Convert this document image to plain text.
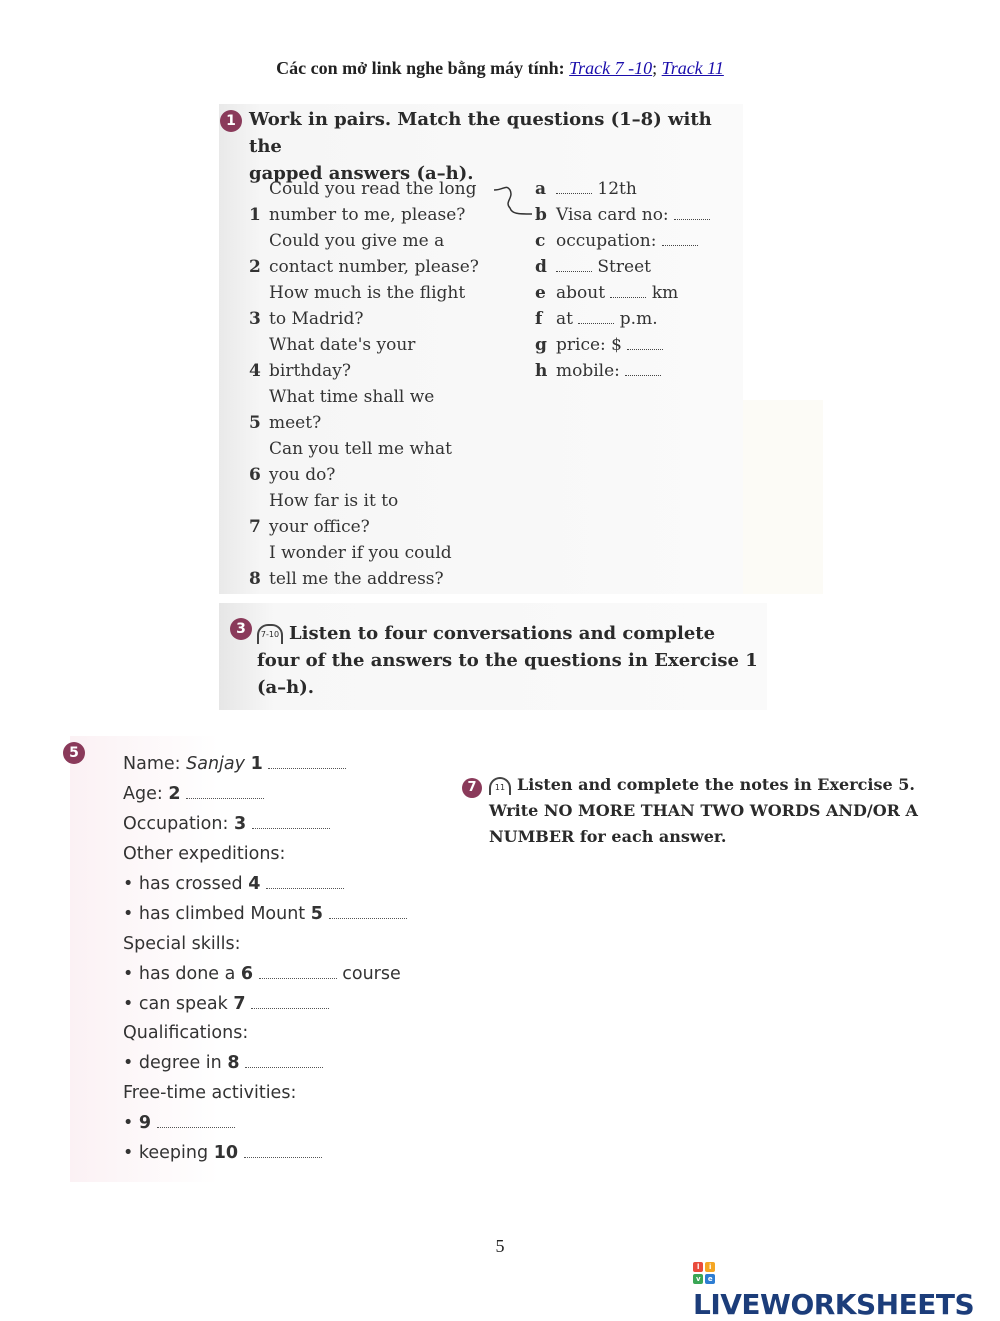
Các con mở link nghe bằng máy tính: Track 7 -10; Track 11
1 Work in pairs. Match the questions (1–8) with the
gapped answers (a–h).
1Could you read the long
number to me, please?
2Could you give me a
contact number, please?
3How much is the flight
to Madrid?
4What date's your
birthday?
5What time shall we
meet?
6Can you tell me what
you do?
7How far is it to
your office?
8I wonder if you could
tell me the address?
a	12th
b Visa card no:
c occupation:
d	Street
e about	km
f at	p.m.
g price: $
h mobile:
3	7-10 Listen to four conversations and complete
four of the answers to the questions in Exercise 1
(a–h).
5
Name: Sanjay 1
Age: 2
Occupation: 3
Other expeditions:
• has crossed 4
• has climbed Mount 5
Special skills:
• has done a 6	course
• can speak 7
Qualifications:
• degree in 8
Free-time activities:
• 9
• keeping 10
7	11 Listen and complete the notes in Exercise 5.
Write NO MORE THAN TWO WORDS AND/OR A
NUMBER for each answer.
5
l	i
v	e
LIVEWORKSHEETS
